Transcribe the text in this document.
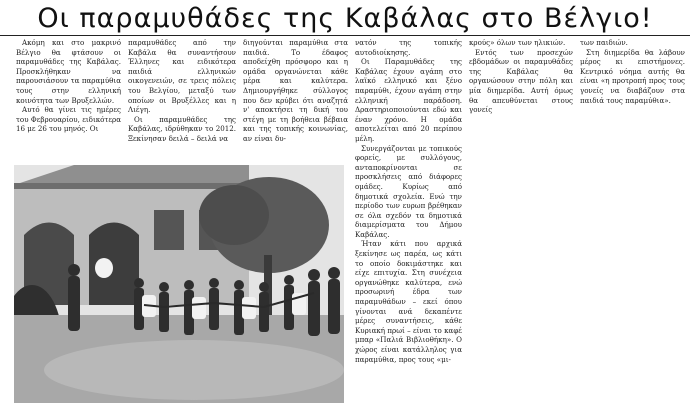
Οι παραμυθάδες της Καβάλας στο Βέλγιο!

Ακόμη και στο μακρινό Βέλγιο θα φτάσουν οι παραμυθάδες της Καβάλας. Προσκλήθηκαν να παρουσιάσουν τα παραμύθια τους στην ελληνική κοινότητα των Βρυξελλών.

Αυτό θα γίνει τις ημέρες του Φεβρουαρίου, ειδικότερα 16 με 26 του μηνός. Οι

παραμυθάδες από την Καβάλα θα συναντήσουν Έλληνες και ειδικότερα παιδιά ελληνικών οικογενειών, σε τρεις πόλεις του Βελγίου, μεταξύ των οποίων οι Βρυξέλλες και η Λιέγη.

Οι παραμυθάδες της Καβάλας, ιδρύθηκαν το 2012. Ξεκίνησαν δειλά – δειλά να

διηγούνται παραμύθια στα παιδιά. Το έδαφος αποδείχθη πρόσφορο και η ομάδα οργανώνεται κάθε μέρα και καλύτερα. Δημιουργήθηκε σύλλογος που δεν κρύβει ότι αναζητά ν' αποκτήσει τη δική του στέγη με τη βοήθεια βέβαια και της τοπικής κοινωνίας, αν είναι δυ-

νατόν της τοπικής αυτοδιοίκησης.

Οι Παραμυθάδες της Καβάλας έχουν αγάπη στο λαϊκό ελληνικό και ξένο παραμύθι, έχουν αγάπη στην ελληνική παράδοση. Δραστηριοποιούνται εδώ και έναν χρόνο. Η ομάδα αποτελείται από 20 περίπου μέλη.

Συνεργάζονται με τοπικούς φορείς, με συλλόγους, ανταποκρίνονται σε προσκλήσεις από διάφορες ομάδες. Κυρίως από δημοτικά σχολεία. Ενώ την περίοδο των ευρωπ βρέθηκαν σε όλα σχεδόν τα δημοτικά διαμερίσματα του Δήμου Καβάλας.

Ήταν κάτι που αρχικά ξεκίνησε ως παρέα, ως κάτι το οποίο δοκιμάστηκε και είχε επιτυχία. Στη συνέχεια οργανώθηκε καλύτερα, ενώ προσωρινή έδρα των παραμυθάδων – εκεί όπου γίνονται ανά δεκαπέντε μέρες συναντήσεις, κάθε Κυριακή πρωί – είναι το καφέ μπαρ «Παλιά Βιβλιοθήκη». Ο χώρος είναι κατάλληλος για παραμύθια, προς τους «μι-

κρούς» όλων των ηλικιών.

Εντός των προσεχών εβδομάδων οι παραμυθάδες της Καβάλας θα οργανώσουν στην πόλη και μία διημερίδα. Αυτή όμως θα απευθύνεται στους γονείς

των παιδιών.

Στη διημερίδα θα λάβουν μέρος κι επιστήμονες. Κεντρικό νόημα αυτής θα είναι «η προτροπή προς τους γονείς να διαβάζουν στα παιδιά τους παραμύθια».
